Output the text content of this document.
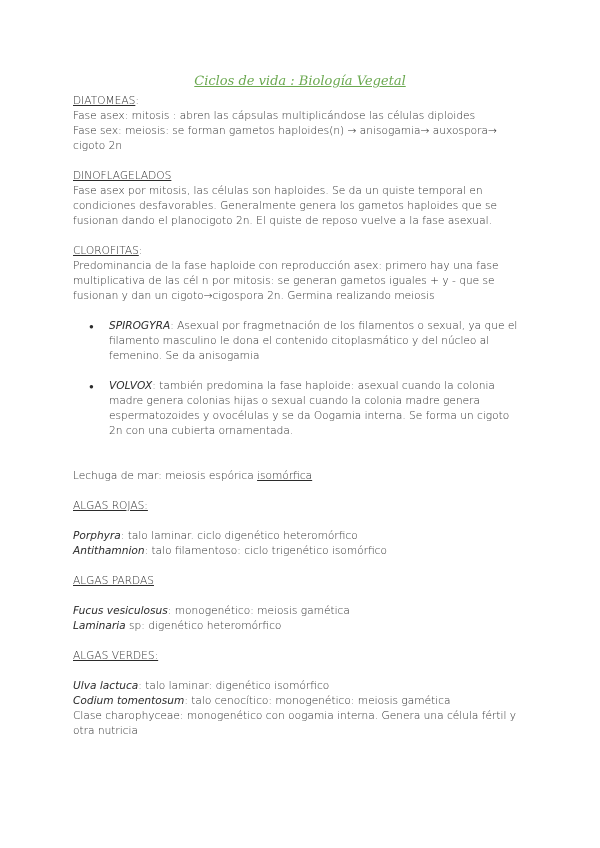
Ciclos de vida : Biología Vegetal

DIATOMEAS:

Fase asex: mitosis : abren las cápsulas multiplicándose las células diploides

Fase sex: meiosis: se forman gametos haploides(n) → anisogamia→ auxospora→ cigoto 2n

DINOFLAGELADOS

Fase asex por mitosis, las células son haploides. Se da un quiste temporal en condiciones desfavorables. Generalmente genera los gametos haploides que se fusionan dando el planocigoto 2n. El quiste de reposo vuelve a la fase asexual.

CLOROFITAS:

Predominancia de la fase haploide con reproducción asex: primero hay una fase multiplicativa de las cél n por mitosis: se generan gametos iguales + y - que se fusionan y dan un cigoto→cigospora 2n. Germina realizando meiosis

● SPIROGYRA: Asexual por fragmetnación de los filamentos o sexual, ya que el filamento masculino le dona el contenido citoplasmático y del núcleo al femenino. Se da anisogamia
● VOLVOX: también predomina la fase haploide: asexual cuando la colonia madre genera colonias hijas o sexual cuando la colonia madre genera espermatozoides y ovocélulas y se da Oogamia interna. Se forma un cigoto 2n con una cubierta ornamentada.

Lechuga de mar: meiosis espórica isomórfica

ALGAS ROJAS:

Porphyra: talo laminar. ciclo digenético heteromórfico

Antithamnion: talo filamentoso: ciclo trigenético isomórfico

ALGAS PARDAS

Fucus vesiculosus: monogenético: meiosis gamética

Laminaria sp: digenético heteromórfico

ALGAS VERDES:

Ulva lactuca: talo laminar: digenético isomórfico

Codium tomentosum: talo cenocítico: monogenético: meiosis gamética

Clase charophyceae: monogenético con oogamia interna. Genera una célula fértil y otra nutricia
